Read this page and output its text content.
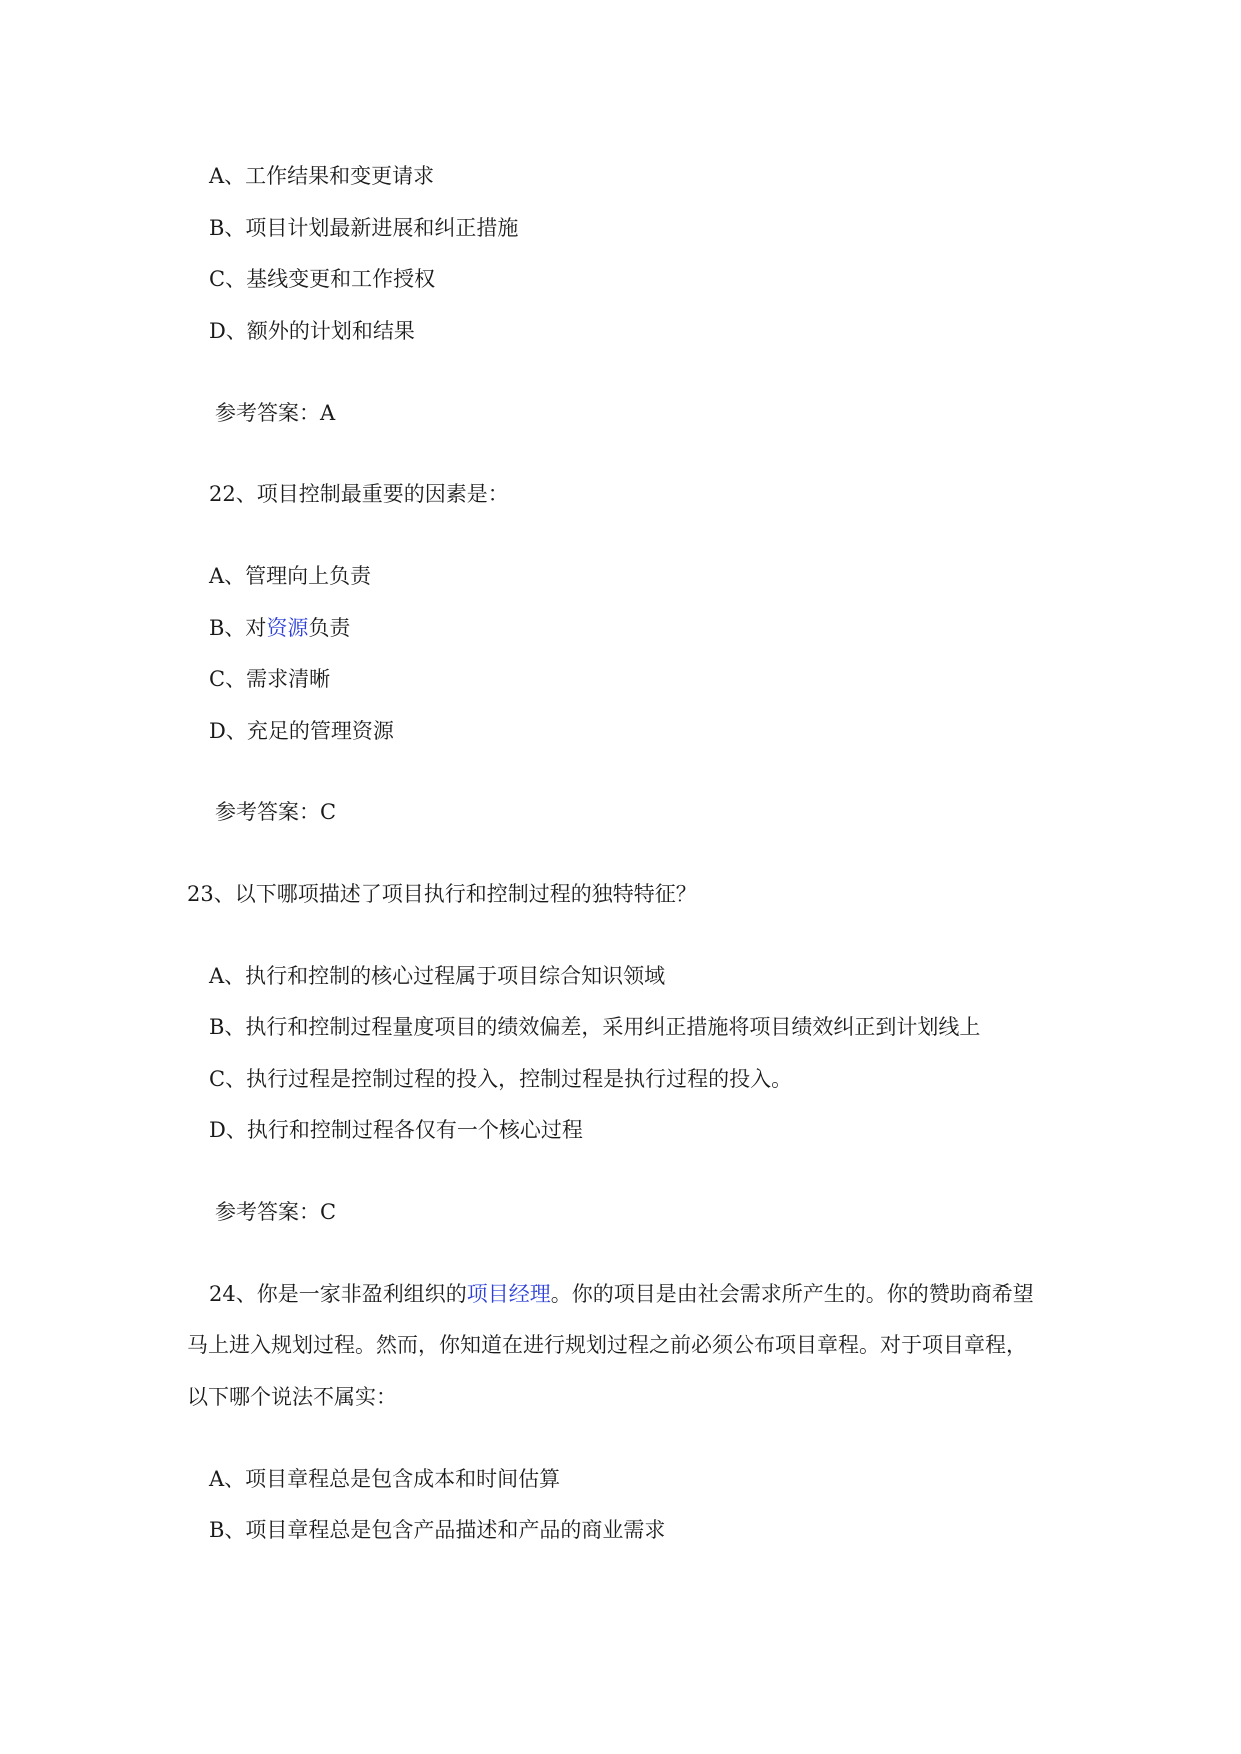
A、工作结果和变更请求
B、项目计划最新进展和纠正措施
C、基线变更和工作授权
D、额外的计划和结果
参考答案：A
22、项目控制最重要的因素是：
A、管理向上负责
B、对资源负责
C、需求清晰
D、充足的管理资源
参考答案：C
23、以下哪项描述了项目执行和控制过程的独特特征？
A、执行和控制的核心过程属于项目综合知识领域
B、执行和控制过程量度项目的绩效偏差，采用纠正措施将项目绩效纠正到计划线上
C、执行过程是控制过程的投入，控制过程是执行过程的投入。
D、执行和控制过程各仅有一个核心过程
参考答案：C
24、你是一家非盈利组织的项目经理。你的项目是由社会需求所产生的。你的赞助商希望
马上进入规划过程。然而，你知道在进行规划过程之前必须公布项目章程。对于项目章程，
以下哪个说法不属实：
A、项目章程总是包含成本和时间估算
B、项目章程总是包含产品描述和产品的商业需求
